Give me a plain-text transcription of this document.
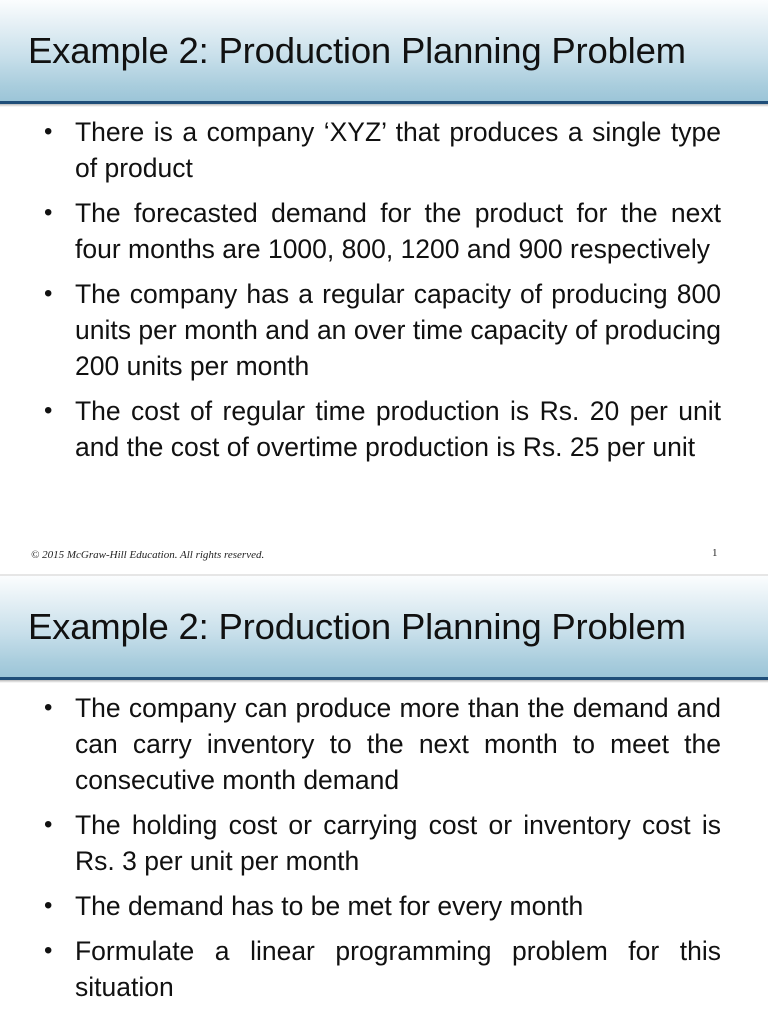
Example 2: Production Planning Problem
• There is a company ‘XYZ’ that produces a single type of product
• The forecasted demand for the product for the next four months are 1000, 800, 1200 and 900 respectively
• The company has a regular capacity of producing 800 units per month and an over time capacity of producing 200 units per month
• The cost of regular time production is Rs. 20 per unit and the cost of overtime production is Rs. 25 per unit
© 2015 McGraw-Hill Education. All rights reserved.	1
Example 2: Production Planning Problem
• The company can produce more than the demand and can carry inventory to the next month to meet the consecutive month demand
• The holding cost or carrying cost or inventory cost is Rs. 3 per unit per month
• The demand has to be met for every month
• Formulate a linear programming problem for this situation
